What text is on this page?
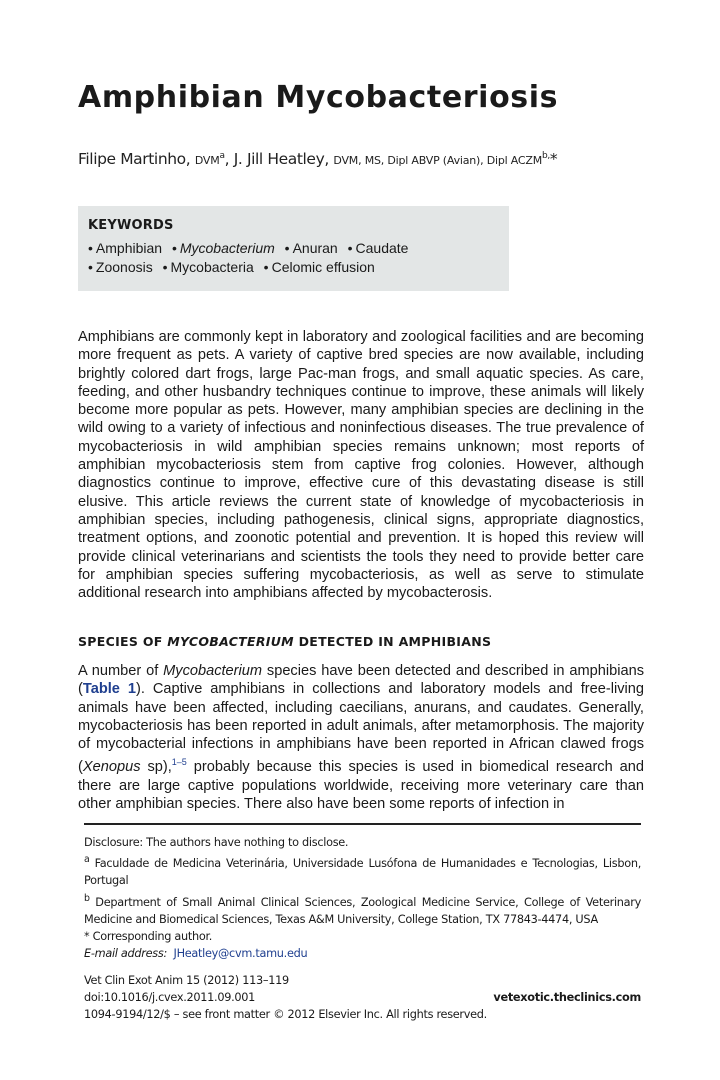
Amphibian Mycobacteriosis
Filipe Martinho, DVM$^a$, J. Jill Heatley, DVM, MS, Dipl ABVP (Avian), Dipl $ACZM^{b,}*$
KEYWORDS
• Amphibian • Mycobacterium • Anuran • Caudate
• Zoonosis • Mycobacteria • Celomic effusion

Amphibians are commonly kept in laboratory and zoological facilities and are becoming more frequent as pets. A variety of captive bred species are now available, including brightly colored dart frogs, large Pac-man frogs, and small aquatic species. As care, feeding, and other husbandry techniques continue to improve, these animals will likely become more popular as pets. However, many amphibian species are declining in the wild owing to a variety of infectious and noninfectious diseases. The true prevalence of mycobacteriosis in wild amphibian species remains unknown; most reports of amphibian mycobacteriosis stem from captive frog colonies. However, although diagnostics continue to improve, effective cure of this devastating disease is still elusive. This article reviews the current state of knowledge of mycobacteriosis in amphibian species, including pathogenesis, clinical signs, appropriate diagnostics, treatment options, and zoonotic potential and prevention. It is hoped this review will provide clinical veterinarians and scientists the tools they need to provide better care for amphibian species suffering mycobacteriosis, as well as serve to stimulate additional research into amphibians affected by mycobacterosis.

SPECIES OF MYCOBACTERIUM DETECTED IN AMPHIBIANS

A number of Mycobacterium species have been detected and described in amphibians (Table 1). Captive amphibians in collections and laboratory models and free-living animals have been affected, including caecilians, anurans, and caudates. Generally, mycobacteriosis has been reported in adult animals, after metamorphosis. The majority of mycobacterial infections in amphibians have been reported in African clawed frogs (Xenopus sp),$^{1-5}$ probably because this species is used in biomedical research and there are large captive populations worldwide, receiving more veterinary care than other amphibian species. There also have been some reports of infection in

Disclosure: The authors have nothing to disclose.

$^a$ Faculdade de Medicina Veterinária, Universidade Lusófona de Humanidades e Tecnologias, Lisbon, Portugal

$^b$ Department of Small Animal Clinical Sciences, Zoological Medicine Service, College of Veterinary Medicine and Biomedical Sciences, Texas A&M University, College Station, TX 77843-4474, USA

* Corresponding author.

E-mail address: JHeatley@cvm.tamu.edu

Vet Clin Exot Anim 15 (2012) 113–119

doi:10.1016/j.cvex.2011.09.001	vetexotic.theclinics.com

1094-9194/12/$ – see front matter © 2012 Elsevier Inc. All rights reserved.
